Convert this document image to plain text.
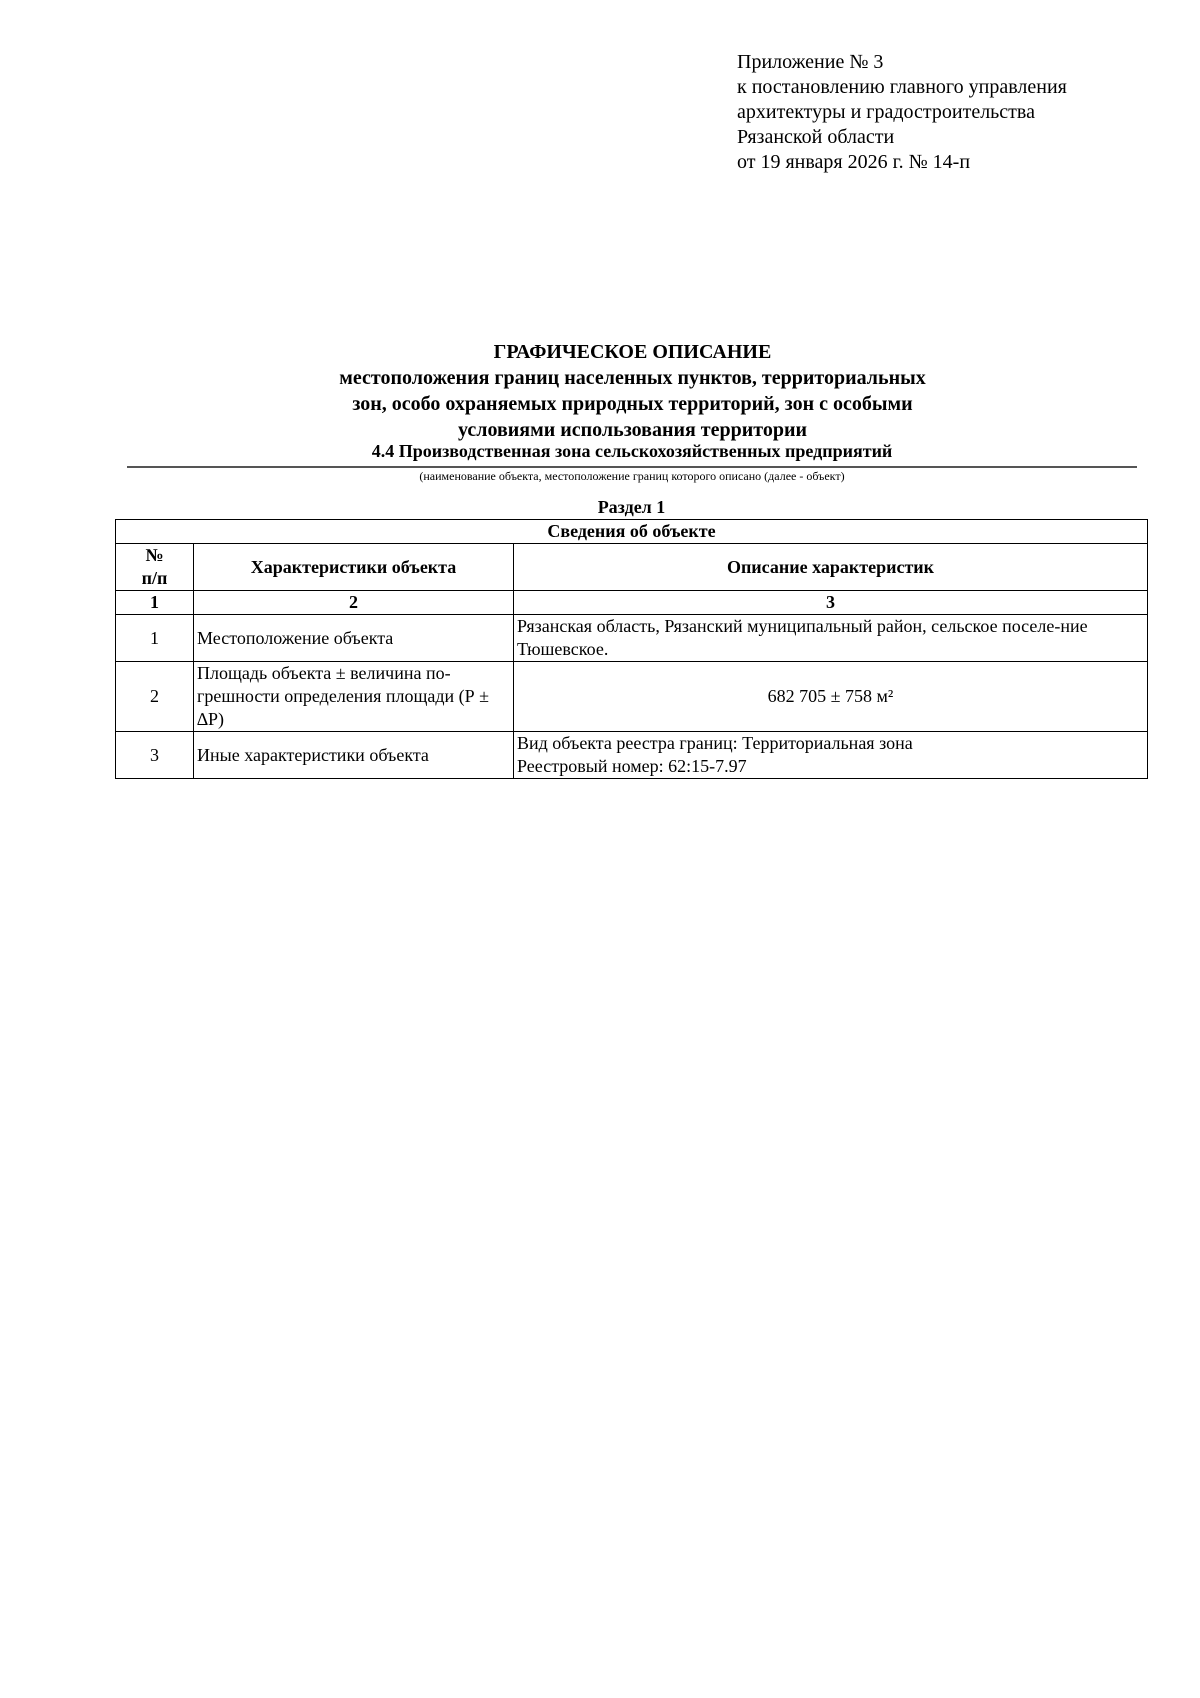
Приложение № 3
к постановлению главного управления
архитектуры и градостроительства
Рязанской области
от 19 января 2026 г. № 14-п
ГРАФИЧЕСКОЕ ОПИСАНИЕ
местоположения границ населенных пунктов, территориальных
зон, особо охраняемых природных территорий, зон с особыми
условиями использования территории
4.4 Производственная зона сельскохозяйственных предприятий
(наименование объекта, местоположение границ которого описано (далее - объект)
Раздел 1
Сведения об объекте		

№
п/п	Характеристики объекта	Описание характеристик
1	2	3
1	Местоположение объекта	Рязанская область, Рязанский муниципальный район, сельское поселе-ние Тюшевское.
2	Площадь объекта ± величина по-грешности определения площади (Р ± ∆Р)	682 705 ± 758 м²
3	Иные характеристики объекта	Вид объекта реестра границ: Территориальная зона
Реестровый номер: 62:15-7.97
